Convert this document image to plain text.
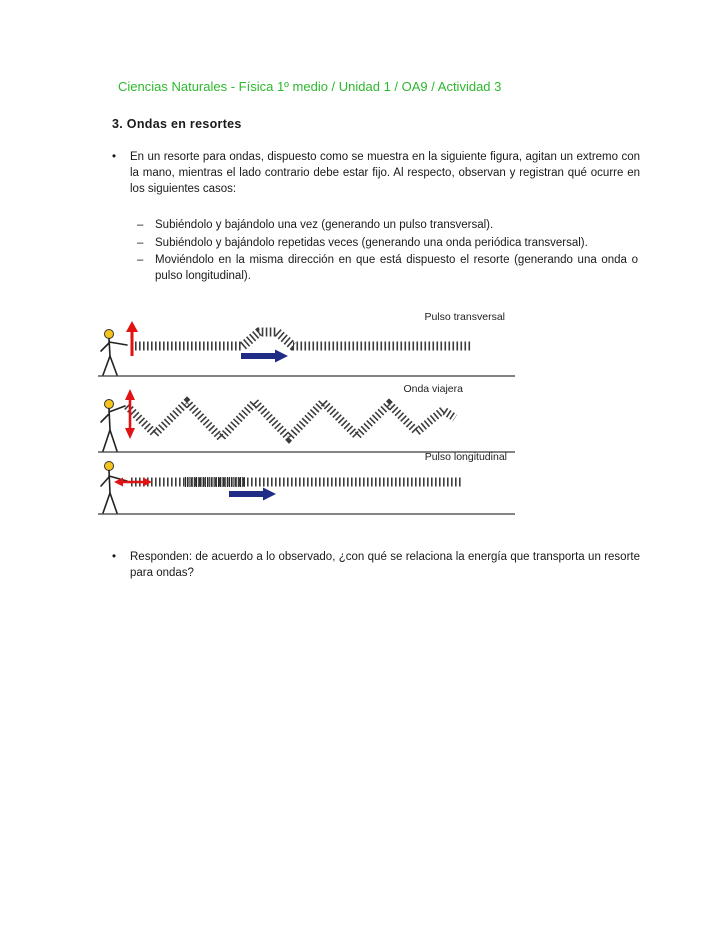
Ciencias Naturales - Física 1º medio / Unidad 1 / OA9 / Actividad 3
3. Ondas en resortes
•	En un resorte para ondas, dispuesto como se muestra en la siguiente figura, agitan un extremo con la mano, mientras el lado contrario debe estar fijo. Al respecto, observan y registran qué ocurre en los siguientes casos:
–	Subiéndolo y bajándolo una vez (generando un pulso transversal).
–	Subiéndolo y bajándolo repetidas veces (generando una onda periódica transversal).
–	Moviéndolo en la misma dirección en que está dispuesto el resorte (generando una onda o pulso longitudinal).
Pulso transversal
Onda viajera
Pulso longitudinal
•	Responden: de acuerdo a lo observado, ¿con qué se relaciona la energía que transporta un resorte para ondas?
